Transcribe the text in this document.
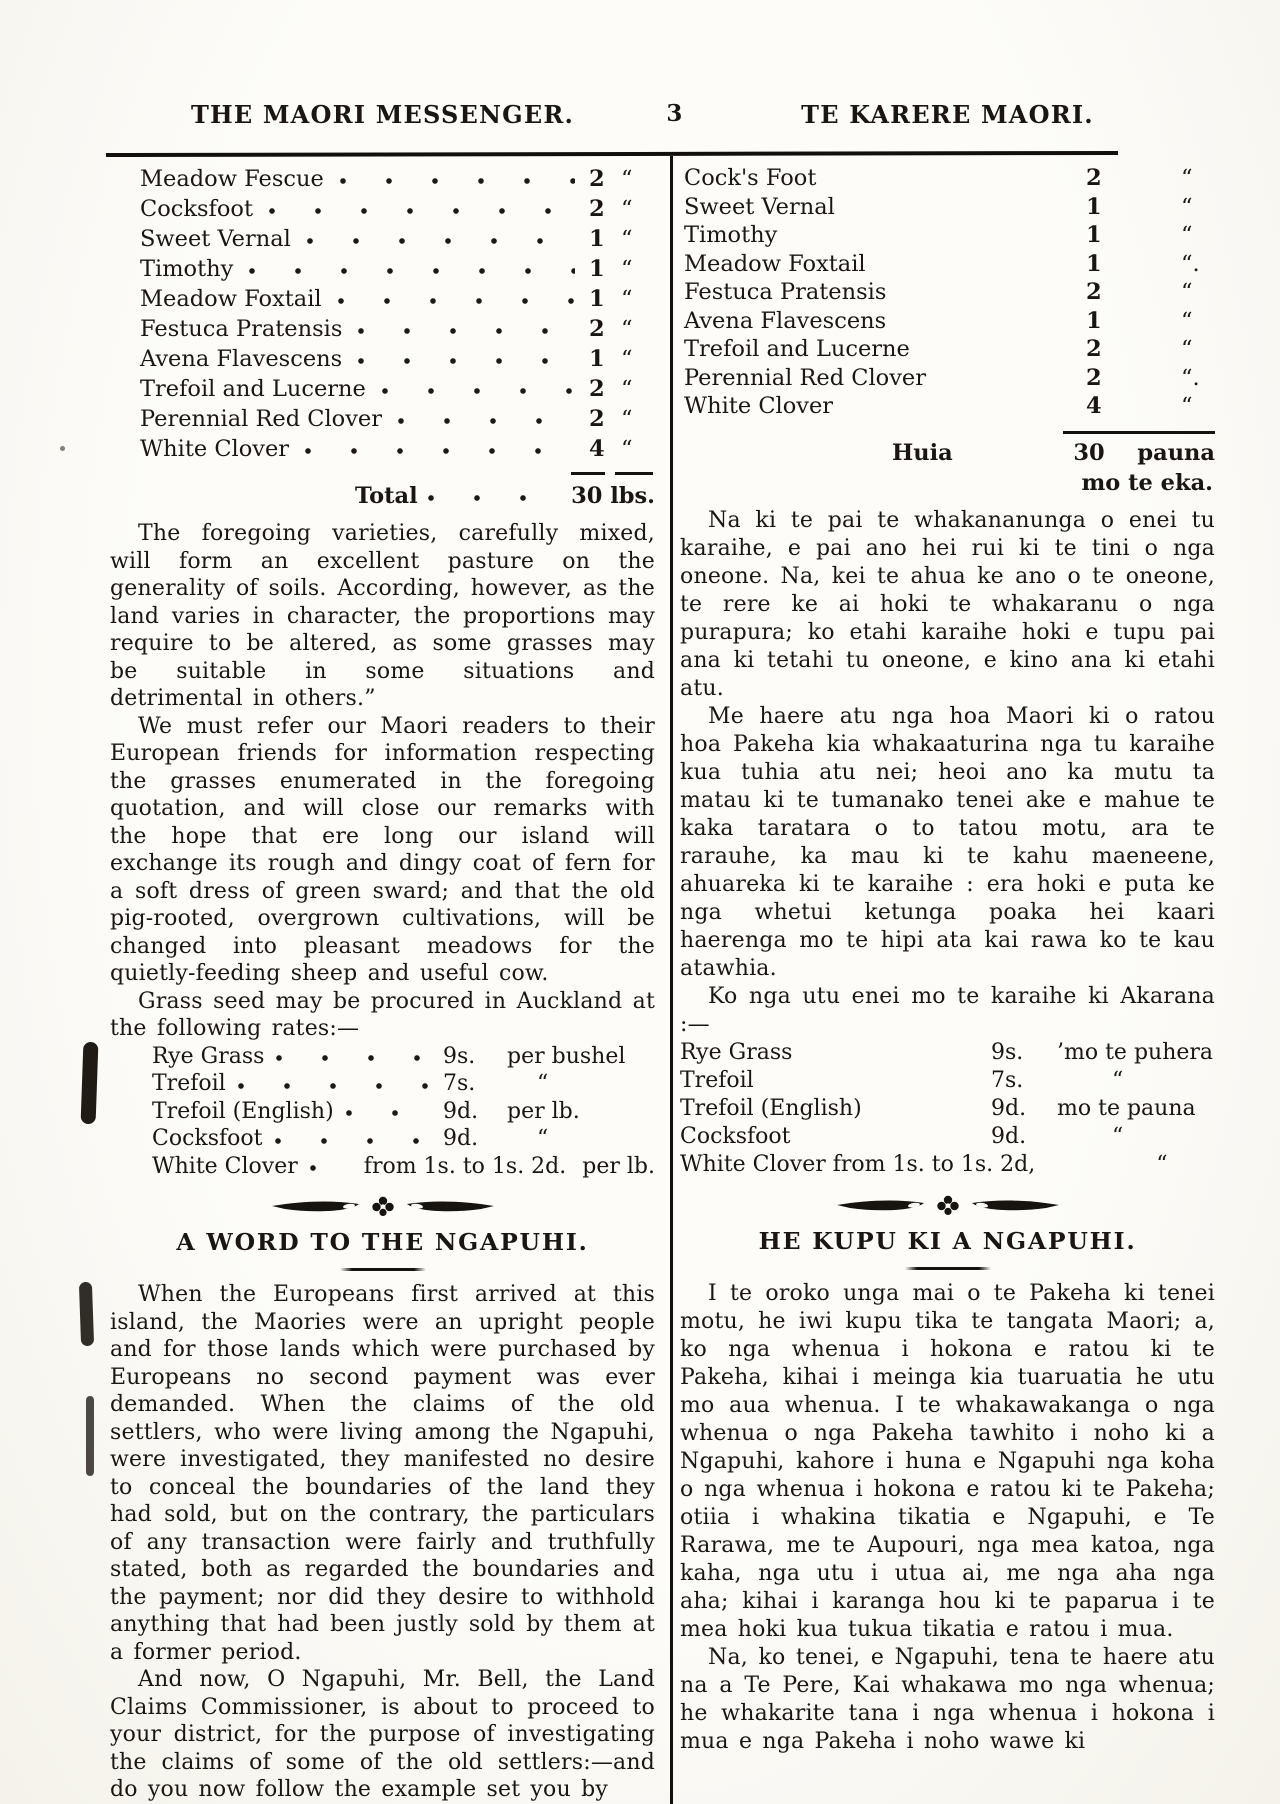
THE MAORI MESSENGER.	3	TE KARERE MAORI.
Meadow Fescue	2 “
Cocksfoot	2 “
Sweet Vernal	1 “
Timothy	1 “
Meadow Foxtail	1 “
Festuca Pratensis	2 “
Avena Flavescens	1 “
Trefoil and Lucerne	2 “
Perennial Red Clover	2 “
White Clover	4 “
Total	30 lbs.

The foregoing varieties, carefully mixed, will form an excellent pasture on the generality of soils. According, however, as the land varies in character, the proportions may require to be altered, as some grasses may be suitable in some situations and detrimental in others.”

We must refer our Maori readers to their European friends for information respecting the grasses enumerated in the foregoing quotation, and will close our remarks with the hope that ere long our island will exchange its rough and dingy coat of fern for a soft dress of green sward; and that the old pig-rooted, overgrown cultivations, will be changed into pleasant meadows for the quietly-feeding sheep and useful cow.

Grass seed may be procured in Auckland at the following rates:—

Rye Grass	9s.	per bushel
Trefoil	7s.	“
Trefoil (English)	9d.	per lb.
Cocksfoot	9d.	“
White Clover	from 1s. to 1s. 2d. per lb.
A WORD TO THE NGAPUHI.

When the Europeans first arrived at this island, the Maories were an upright people and for those lands which were purchased by Europeans no second payment was ever demanded. When the claims of the old settlers, who were living among the Ngapuhi, were investigated, they manifested no desire to conceal the boundaries of the land they had sold, but on the contrary, the particulars of any transaction were fairly and truthfully stated, both as regarded the boundaries and the payment; nor did they desire to withhold anything that had been justly sold by them at a former period.

And now, O Ngapuhi, Mr. Bell, the Land Claims Commissioner, is about to proceed to your district, for the purpose of investigating the claims of some of the old settlers:—and do you now follow the example set you by

Cock's Foot	2	“
Sweet Vernal	1	“
Timothy	1	“
Meadow Foxtail	1	“.
Festuca Pratensis	2	“
Avena Flavescens	1	“
Trefoil and Lucerne	2	“
Perennial Red Clover	2	“.
White Clover	4	“
Huia	30	pauna
mo te eka.

Na ki te pai te whakananunga o enei tu karaihe, e pai ano hei rui ki te tini o nga oneone. Na, kei te ahua ke ano o te oneone, te rere ke ai hoki te whakaranu o nga purapura; ko etahi karaihe hoki e tupu pai ana ki tetahi tu oneone, e kino ana ki etahi atu.

Me haere atu nga hoa Maori ki o ratou hoa Pakeha kia whakaaturina nga tu karaihe kua tuhia atu nei; heoi ano ka mutu ta matau ki te tumanako tenei ake e mahue te kaka taratara o to tatou motu, ara te rarauhe, ka mau ki te kahu maeneene, ahuareka ki te karaihe : era hoki e puta ke nga whetui ketunga poaka hei kaari haerenga mo te hipi ata kai rawa ko te kau atawhia.

Ko nga utu enei mo te karaihe ki Akarana :—

Rye Grass	9s.	’mo te puhera
Trefoil	7s.	“
Trefoil (English)	9d.	mo te pauna
Cocksfoot	9d.	“
White Clover from 1s. to 1s. 2d,	“
HE KUPU KI A NGAPUHI.

I te oroko unga mai o te Pakeha ki tenei motu, he iwi kupu tika te tangata Maori; a, ko nga whenua i hokona e ratou ki te Pakeha, kihai i meinga kia tuaruatia he utu mo aua whenua. I te whakawakanga o nga whenua o nga Pakeha tawhito i noho ki a Ngapuhi, kahore i huna e Ngapuhi nga koha o nga whenua i hokona e ratou ki te Pakeha; otiia i whakina tikatia e Ngapuhi, e Te Rarawa, me te Aupouri, nga mea katoa, nga kaha, nga utu i utua ai, me nga aha nga aha; kihai i karanga hou ki te paparua i te mea hoki kua tukua tikatia e ratou i mua.

Na, ko tenei, e Ngapuhi, tena te haere atu na a Te Pere, Kai whakawa mo nga whenua; he whakarite tana i nga whenua i hokona i mua e nga Pakeha i noho wawe ki
